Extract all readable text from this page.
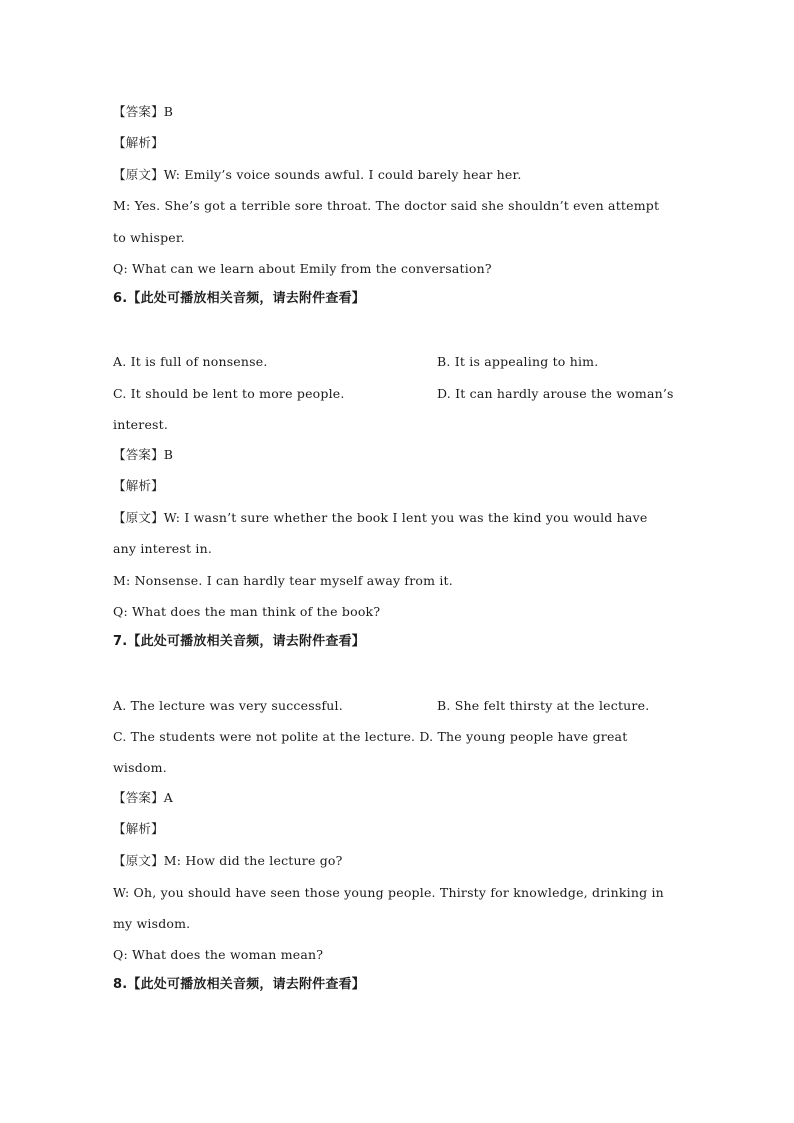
【答案】B
【解析】
【原文】W: Emily’s voice sounds awful. I could barely hear her.
M: Yes. She’s got a terrible sore throat. The doctor said she shouldn’t even attempt
to whisper.
Q: What can we learn about Emily from the conversation?
6.【此处可播放相关音频，请去附件查看】
A. It is full of nonsense.	B. It is appealing to him.
C. It should be lent to more people.	D. It can hardly arouse the woman’s
interest.
【答案】B
【解析】
【原文】W: I wasn’t sure whether the book I lent you was the kind you would have
any interest in.
M: Nonsense. I can hardly tear myself away from it.
Q: What does the man think of the book?
7.【此处可播放相关音频，请去附件查看】
A. The lecture was very successful.	B. She felt thirsty at the lecture.
C. The students were not polite at the lecture. D. The young people have great
wisdom.
【答案】A
【解析】
【原文】M: How did the lecture go?
W: Oh, you should have seen those young people. Thirsty for knowledge, drinking in
my wisdom.
Q: What does the woman mean?
8.【此处可播放相关音频，请去附件查看】
